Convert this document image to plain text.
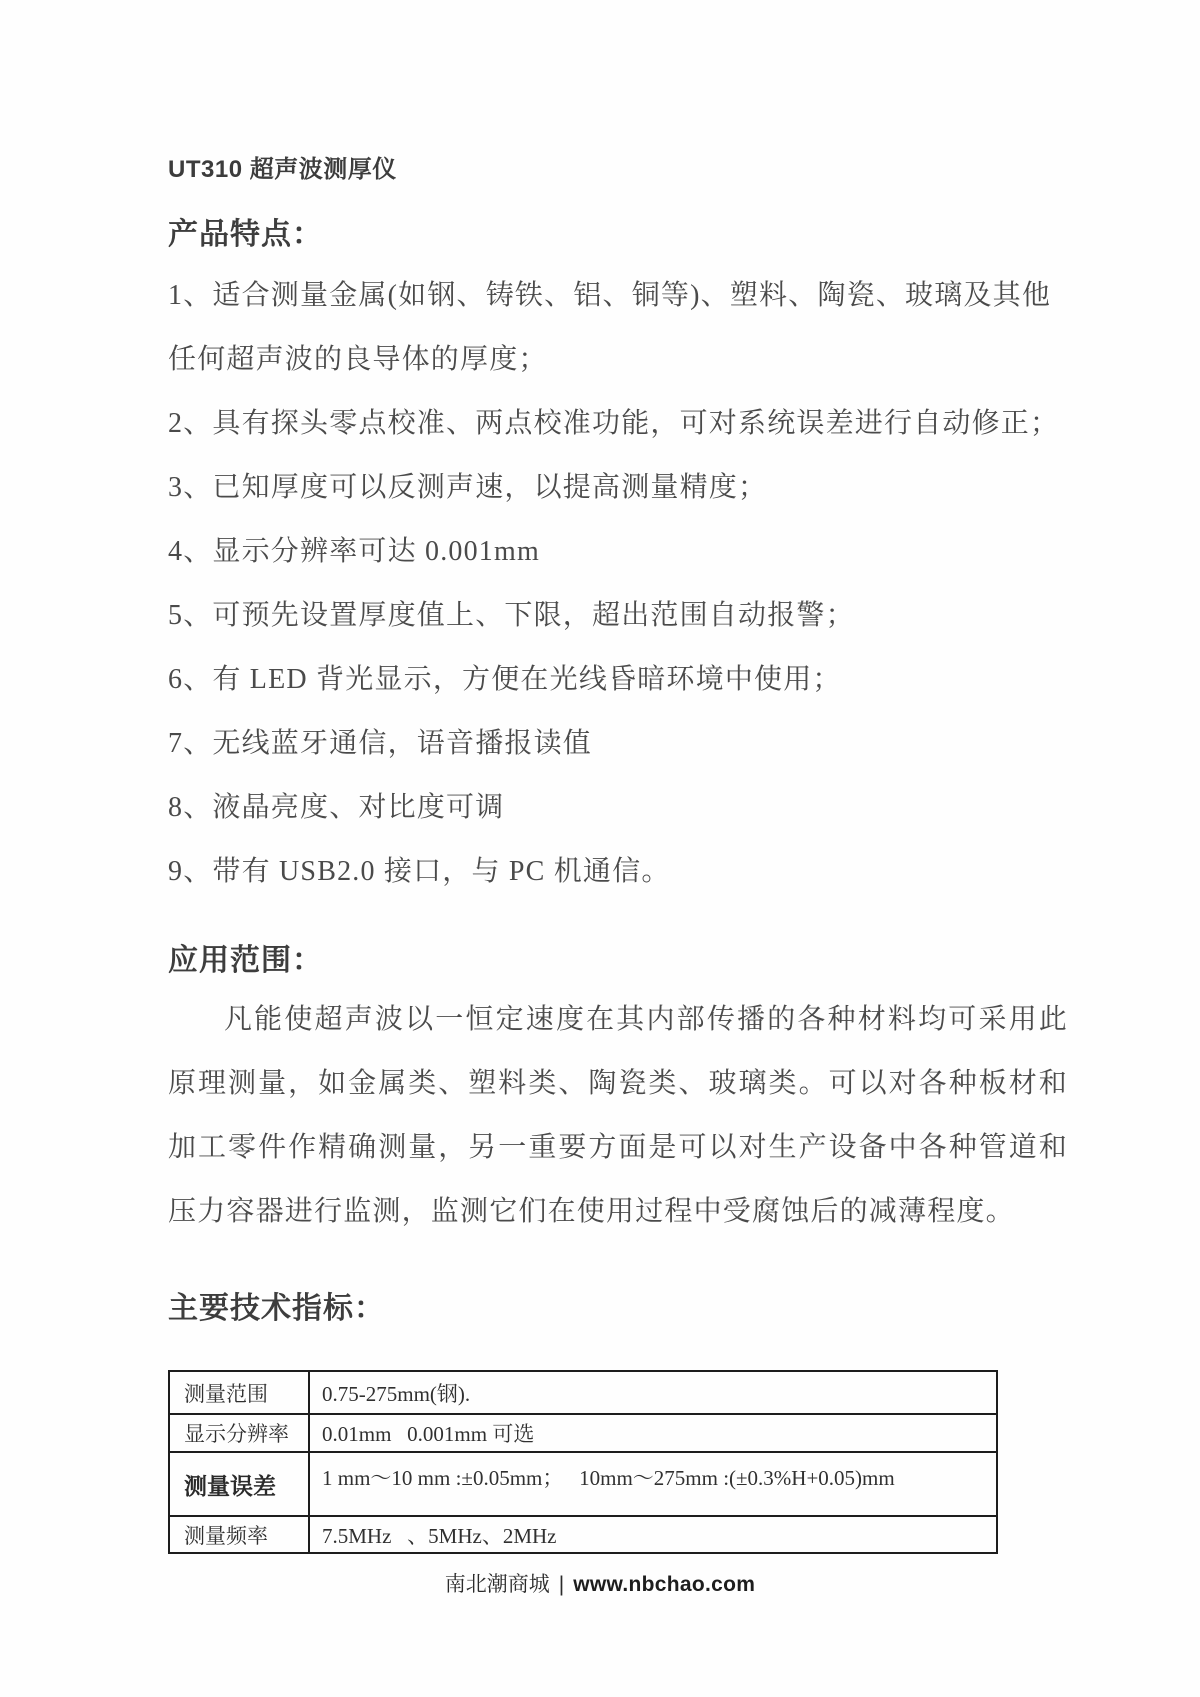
UT310 超声波测厚仪
产品特点：
1、适合测量金属(如钢、铸铁、铝、铜等)、塑料、陶瓷、玻璃及其他任何超声波的良导体的厚度；
2、具有探头零点校准、两点校准功能，可对系统误差进行自动修正；
3、已知厚度可以反测声速，以提高测量精度；
4、显示分辨率可达 0.001mm
5、可预先设置厚度值上、下限，超出范围自动报警；
6、有 LED 背光显示，方便在光线昏暗环境中使用；
7、无线蓝牙通信，语音播报读值
8、液晶亮度、对比度可调
9、带有 USB2.0 接口，与 PC 机通信。
应用范围：

凡能使超声波以一恒定速度在其内部传播的各种材料均可采用此原理测量，如金属类、塑料类、陶瓷类、玻璃类。可以对各种板材和加工零件作精确测量，另一重要方面是可以对生产设备中各种管道和压力容器进行监测，监测它们在使用过程中受腐蚀后的减薄程度。

主要技术指标：
测量范围	0.75-275mm(钢).
显示分辨率	0.01mm   0.001mm 可选
测量误差	1 mm～10 mm :±0.05mm；   10mm～275mm :(±0.3%H+0.05)mm
测量频率	7.5MHz   、5MHz、2MHz
南北潮商城 | www.nbchao.com
